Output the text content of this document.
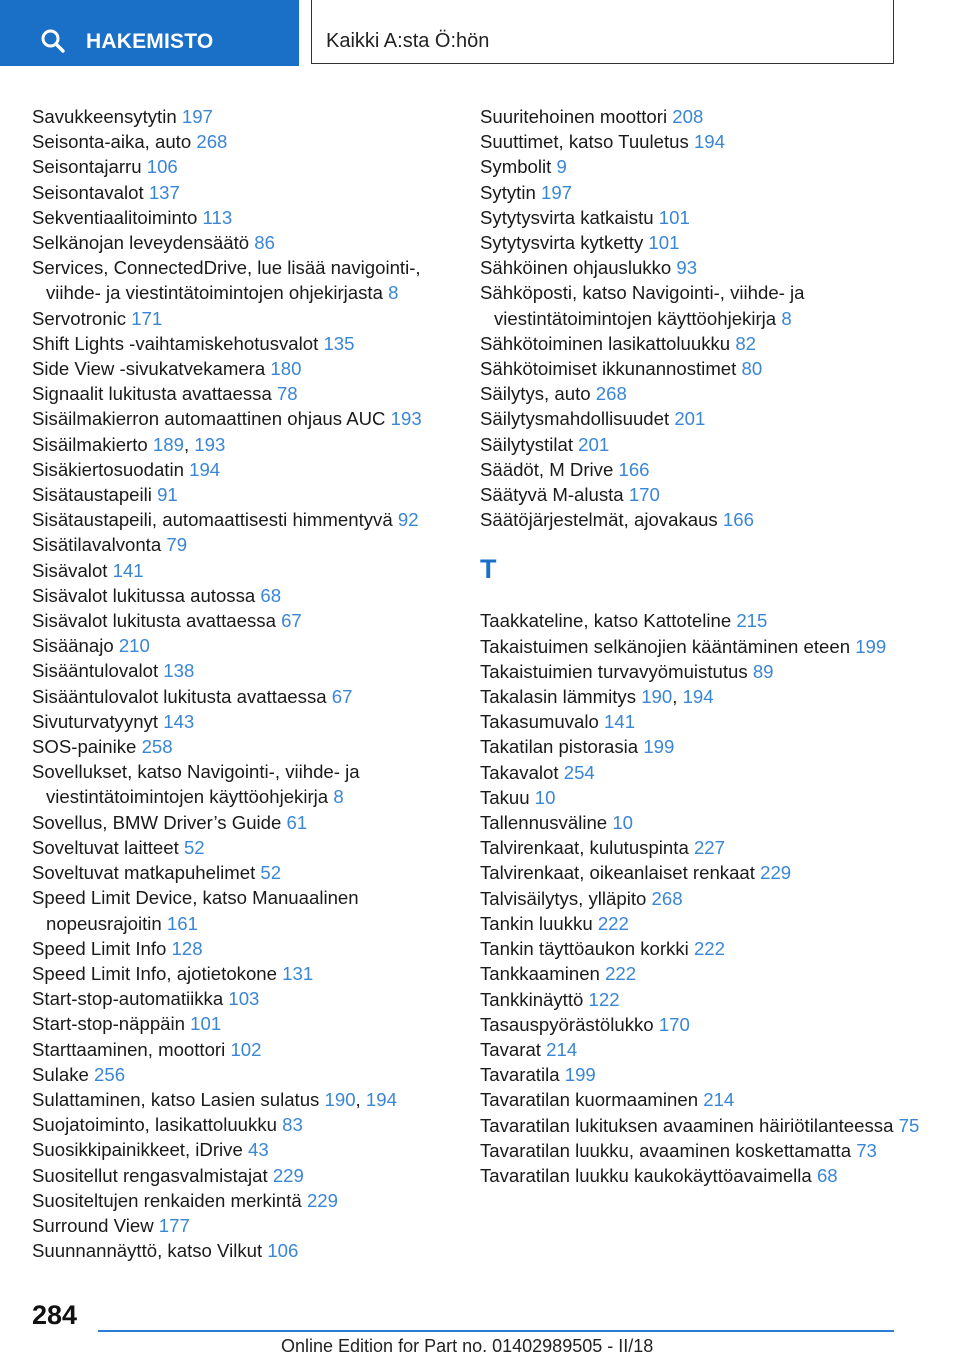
HAKEMISTO	Kaikki A:sta Ö:hön
Savukkeensytytin 197
Seisonta-aika, auto 268
Seisontajarru 106
Seisontavalot 137
Sekventiaalitoiminto 113
Selkänojan leveydensäätö 86
Services, ConnectedDrive, lue lisää navigointi-, viihde- ja viestintätoimintojen ohjekirjasta 8
Servotronic 171
Shift Lights -vaihtamiskehotusvalot 135
Side View -sivukatvekamera 180
Signaalit lukitusta avattaessa 78
Sisäilmakierron automaattinen ohjaus AUC 193
Sisäilmakierto 189, 193
Sisäkiertosuodatin 194
Sisätaustapeili 91
Sisätaustapeili, automaattisesti himmentyvä 92
Sisätilavalvonta 79
Sisävalot 141
Sisävalot lukitussa autossa 68
Sisävalot lukitusta avattaessa 67
Sisäänajo 210
Sisääntulovalot 138
Sisääntulovalot lukitusta avattaessa 67
Sivuturvatyynyt 143
SOS-painike 258
Sovellukset, katso Navigointi-, viihde- ja viestintätoimintojen käyttöohjekirja 8
Sovellus, BMW Driver’s Guide 61
Soveltuvat laitteet 52
Soveltuvat matkapuhelimet 52
Speed Limit Device, katso Manuaalinen nopeusrajoitin 161
Speed Limit Info 128
Speed Limit Info, ajotietokone 131
Start-stop-automatiikka 103
Start-stop-näppäin 101
Starttaaminen, moottori 102
Sulake 256
Sulattaminen, katso Lasien sulatus 190, 194
Suojatoiminto, lasikattoluukku 83
Suosikkipainikkeet, iDrive 43
Suositellut rengasvalmistajat 229
Suositeltujen renkaiden merkintä 229
Surround View 177
Suunnannäyttö, katso Vilkut 106
Suuritehoinen moottori 208
Suuttimet, katso Tuuletus 194
Symbolit 9
Sytytin 197
Sytytysvirta katkaistu 101
Sytytysvirta kytketty 101
Sähköinen ohjauslukko 93
Sähköposti, katso Navigointi-, viihde- ja viestintätoimintojen käyttöohjekirja 8
Sähkötoiminen lasikattoluukku 82
Sähkötoimiset ikkunannostimet 80
Säilytys, auto 268
Säilytysmahdollisuudet 201
Säilytystilat 201
Säädöt, M Drive 166
Säätyvä M-alusta 170
Säätöjärjestelmät, ajovakaus 166
T
Taakkateline, katso Kattoteline 215
Takaistuimen selkänojien kääntäminen eteen 199
Takaistuimien turvavyömuistutus 89
Takalasin lämmitys 190, 194
Takasumuvalo 141
Takatilan pistorasia 199
Takavalot 254
Takuu 10
Tallennusväline 10
Talvirenkaat, kulutuspinta 227
Talvirenkaat, oikeanlaiset renkaat 229
Talvisäilytys, ylläpito 268
Tankin luukku 222
Tankin täyttöaukon korkki 222
Tankkaaminen 222
Tankkinäyttö 122
Tasauspyörästölukko 170
Tavarat 214
Tavaratila 199
Tavaratilan kuormaaminen 214
Tavaratilan lukituksen avaaminen häiriötilanteessa 75
Tavaratilan luukku, avaaminen koskettamatta 73
Tavaratilan luukku kaukokäyttöavaimella 68
284
Online Edition for Part no. 01402989505 - II/18
